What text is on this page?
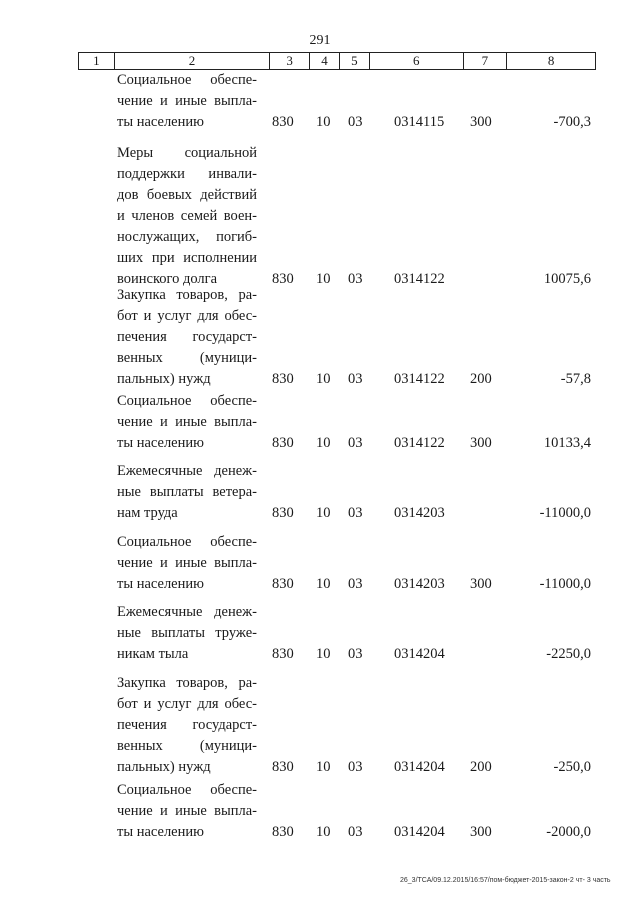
291
1	2	3	4	5	6	7	8
Социальное обеспе-
чение и иные выпла-
ты населению	830 10 03 0314115 300	-700,3
Меры социальной
поддержки инвали-
дов боевых действий
и членов семей воен-
нослужащих, погиб-
ших при исполнении
воинского долга	830 10 03 0314122	10075,6
Закупка товаров, ра-
бот и услуг для обес-
печения государст-
венных (муници-
пальных) нужд	830 10 03 0314122 200	-57,8
Социальное обеспе-
чение и иные выпла-
ты населению	830 10 03 0314122 300	10133,4
Ежемесячные денеж-
ные выплаты ветера-
нам труда	830 10 03 0314203	-11000,0
Социальное обеспе-
чение и иные выпла-
ты населению	830 10 03 0314203 300	-11000,0
Ежемесячные денеж-
ные выплаты труже-
никам тыла	830 10 03 0314204	-2250,0
Закупка товаров, ра-
бот и услуг для обес-
печения государст-
венных (муници-
пальных) нужд	830 10 03 0314204 200	-250,0
Социальное обеспе-
чение и иные выпла-
ты населению	830 10 03 0314204 300	-2000,0
26_3/ТСА/09.12.2015/16:57/пом-бюджет-2015-закон-2 чт- 3 часть
